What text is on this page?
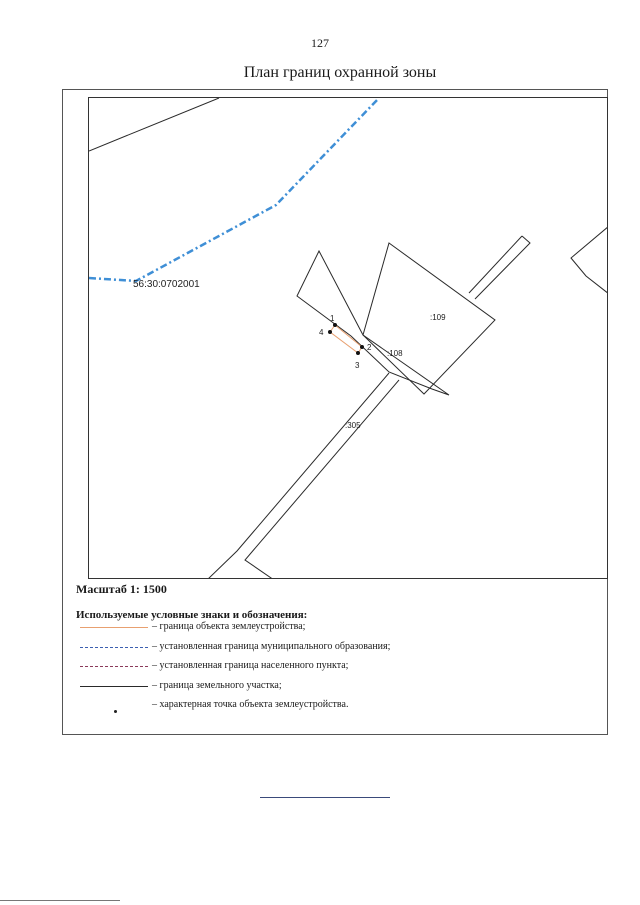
127
План границ охранной зоны
56:30:0702001
:109
:108
:305
1
2
3
4
Масштаб 1: 1500
Используемые условные знаки и обозначения:
– граница объекта землеустройства;
– установленная граница муниципального образования;
– установленная граница населенного пункта;
– граница земельного участка;
– характерная точка объекта землеустройства.
